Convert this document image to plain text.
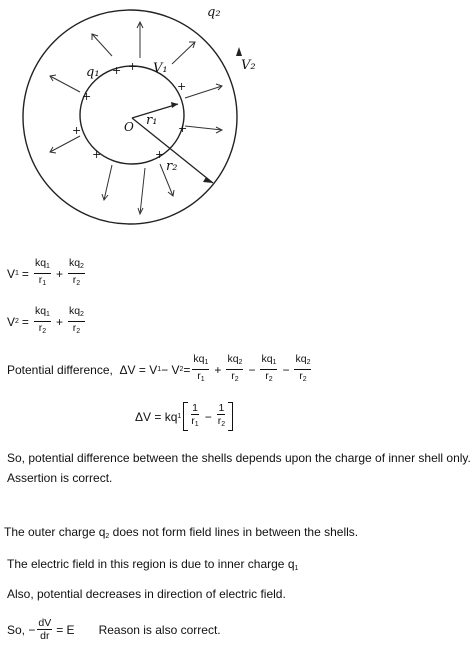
+
+
+
+
+
+
+
+
q₂
V₂
q₁	V₁
r₁
r₂
O
V $1 = \frac{kq_1}{r_1} + \frac{kq_2}{r_2}$
V $2 = \frac{kq_1}{r_2} + \frac{kq_2}{r_2}$
Potential difference,
ΔV = V 1 − V $2 = \frac{kq_1}{r_1} + \frac{kq_2}{r_2} - \frac{kq_1}{r_2} - \frac{kq_2}{r_2}$
ΔV = kq $1 \frac{1}{r_1} - \frac{1}{r_2}$
So, potential difference between the shells depends upon the charge of inner shell only.
Assertion is correct.
The outer charge $q_2$ does not form field lines in between the shells.
The electric field in this region is due to inner charge $q_1$
Also, potential decreases in direction of electric field.
So, − $\frac{dV}{dr} = E$ Reason is also correct.
